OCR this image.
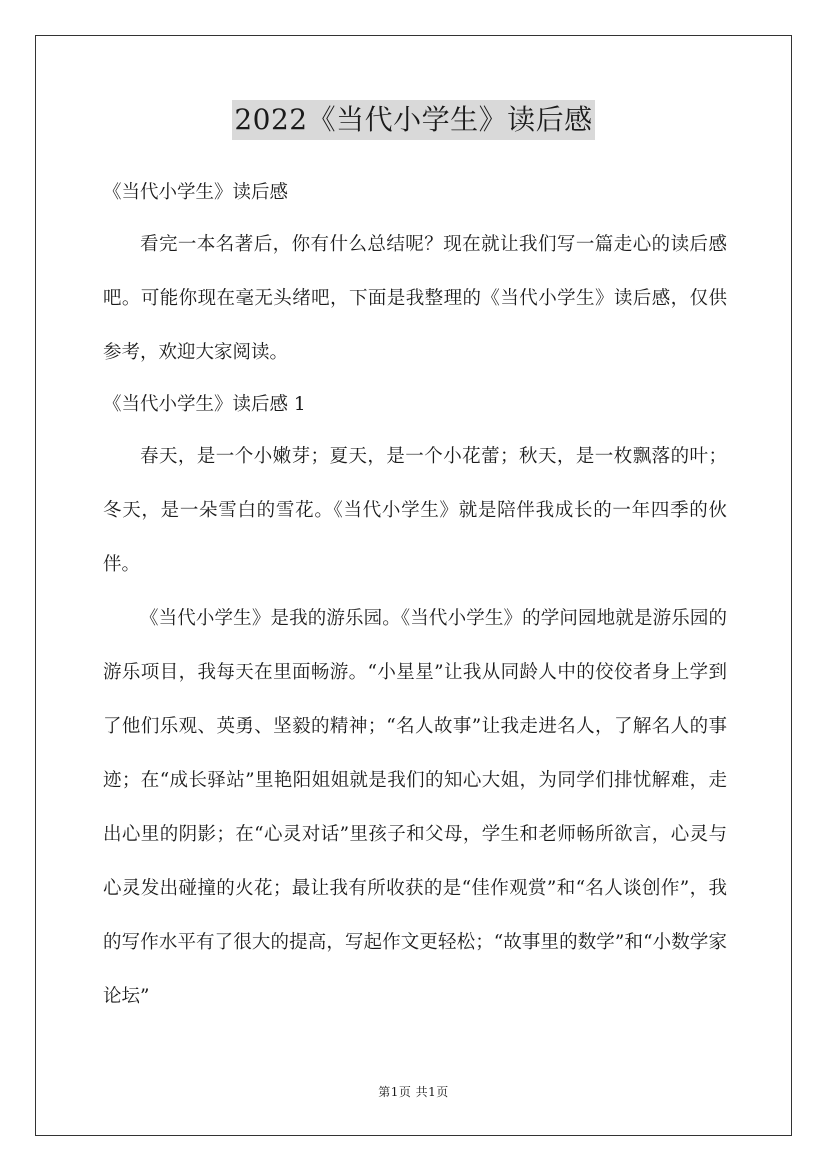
2022《当代小学生》读后感

《当代小学生》读后感

看完一本名著后，你有什么总结呢？现在就让我们写一篇走心的读后感吧。可能你现在毫无头绪吧，下面是我整理的《当代小学生》读后感，仅供参考，欢迎大家阅读。

《当代小学生》读后感 1

春天，是一个小嫩芽；夏天，是一个小花蕾；秋天，是一枚飘落的叶；冬天，是一朵雪白的雪花。《当代小学生》就是陪伴我成长的一年四季的伙伴。

《当代小学生》是我的游乐园。《当代小学生》的学问园地就是游乐园的游乐项目，我每天在里面畅游。“小星星”让我从同龄人中的佼佼者身上学到了他们乐观、英勇、坚毅的精神；“名人故事”让我走进名人，了解名人的事迹；在“成长驿站”里艳阳姐姐就是我们的知心大姐，为同学们排忧解难，走出心里的阴影；在“心灵对话”里孩子和父母，学生和老师畅所欲言，心灵与心灵发出碰撞的火花；最让我有所收获的是“佳作观赏”和“名人谈创作”，我的写作水平有了很大的提高，写起作文更轻松；“故事里的数学”和“小数学家论坛”

第1页 共1页
